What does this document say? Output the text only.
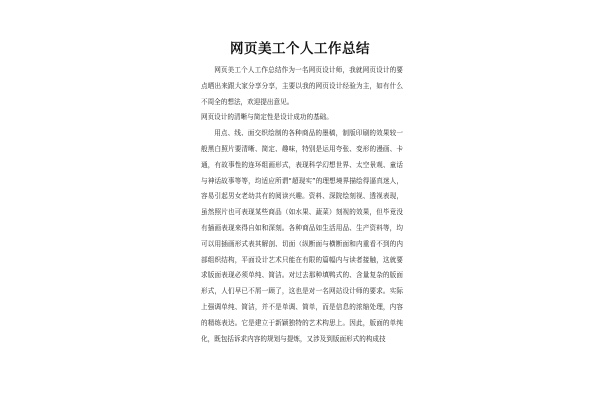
网页美工个人工作总结

网页美工个人工作总结作为一名网页设计师，我就网页设计的要点晒出来跟大家分享分享，主要以我的网页设计经验为主，如有什么不周全的想法，欢迎提出意见。

网页设计的清晰与简定性是设计成功的基础。

用点、线、面交织绘制的各种商品的墨稿，制版印刷的效果较一般黑白照片要清晰、简定、趣味，特别是运用夸张、变形的漫画、卡通，有故事性的连环组画形式，表现科学幻想世界、太空景观、童话与神话故事等等，均适应所谓“超现实”的理想境界描绘得逼真迷人，容易引起男女老幼共有的阅读兴趣。资料、深院绘刻视、透视表现，虽然照片也可表现某些商品（如水果、蔬菜）刻视的效果，但毕竟没有插画表现来得自如和深刻。各种商品如生活用品、生产资料等，均可以用插画形式表其解剖、切面（纵断面与横断面和内重看不到的内部组织结构，平面设计艺术只能在有限的篇幅内与读者接触，这就要求版面表现必须单纯、简洁。对过去那种填鸭式的、含量复杂的版面形式，人们早已不屑一顾了，这也是对一名网站设计师的要求。实际上强调单纯、简洁，并不是单调、简单，而是信息的浓缩处理，内容的精练表达。它是建立于新颖独特的艺术构思上。因此，版面的单纯化，既包括诉求内容的规划与提炼，又涉及到版面形式的构成技
